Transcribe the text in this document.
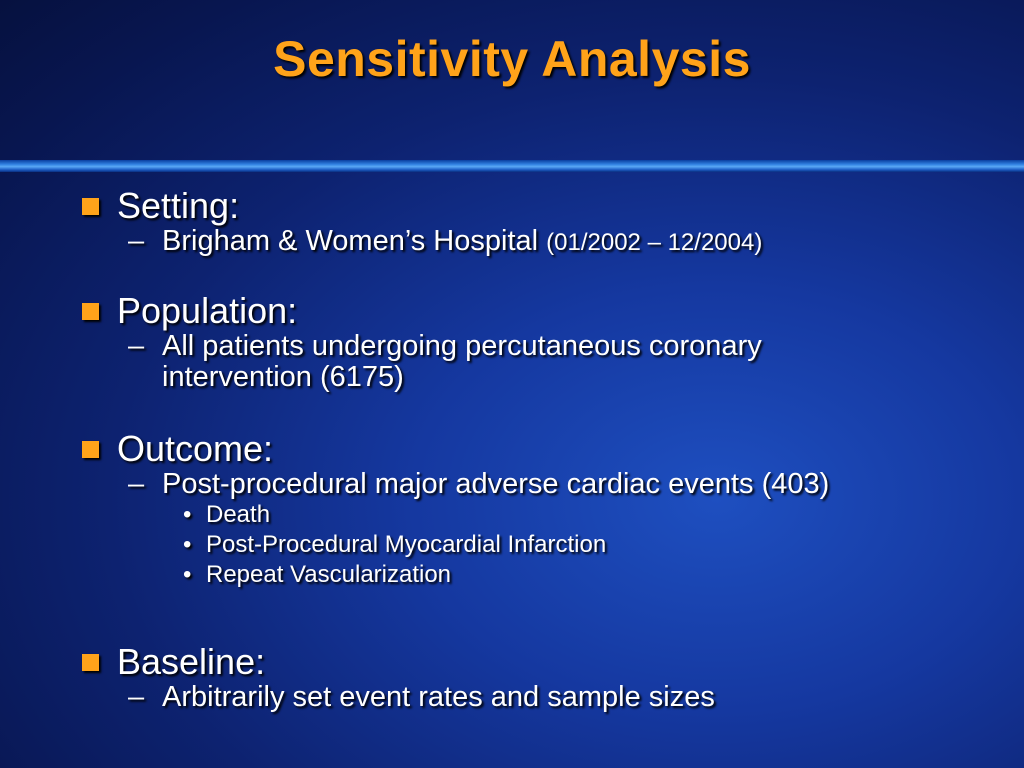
Sensitivity Analysis
Setting:
– Brigham & Women’s Hospital (01/2002 – 12/2004)
Population:
– All patients undergoing percutaneous coronary
intervention (6175)
Outcome:
– Post-procedural major adverse cardiac events (403)
• Death
• Post-Procedural Myocardial Infarction
• Repeat Vascularization
Baseline:
– Arbitrarily set event rates and sample sizes
